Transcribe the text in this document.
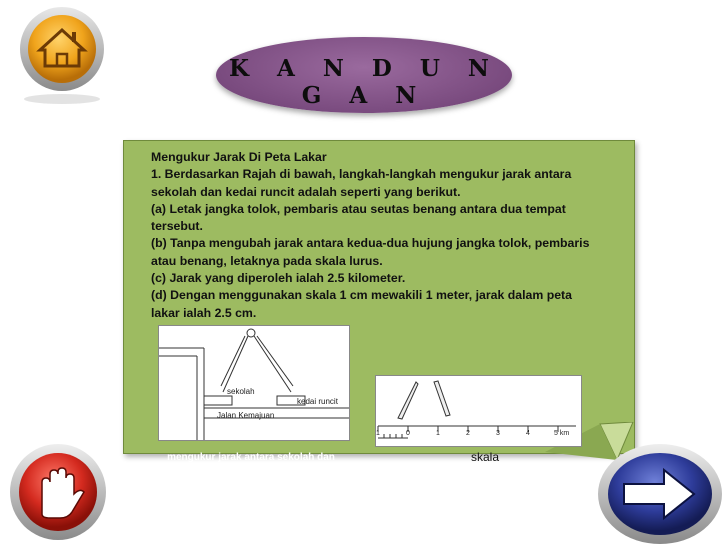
K A N D U N G A N

Mengukur Jarak Di Peta Lakar

1. Berdasarkan Rajah di bawah, langkah-langkah mengukur jarak antara

sekolah dan kedai runcit adalah seperti yang berikut.

(a) Letak jangka tolok, pembaris atau seutas benang antara dua tempat

tersebut.

(b) Tanpa mengubah jarak antara kedua-dua hujung jangka tolok, pembaris

atau benang, letaknya pada skala lurus.

(c) Jarak yang diperoleh ialah 2.5 kilometer.

(d) Dengan menggunakan skala 1 cm mewakili 1 meter, jarak dalam peta

lakar ialah 2.5 cm.

sekolah
kedai runcit
Jalan Kemajuan
1	0	1	2	3	4	5 km
mengukur jarak antara sekolah dan
kedai runcit
skala
